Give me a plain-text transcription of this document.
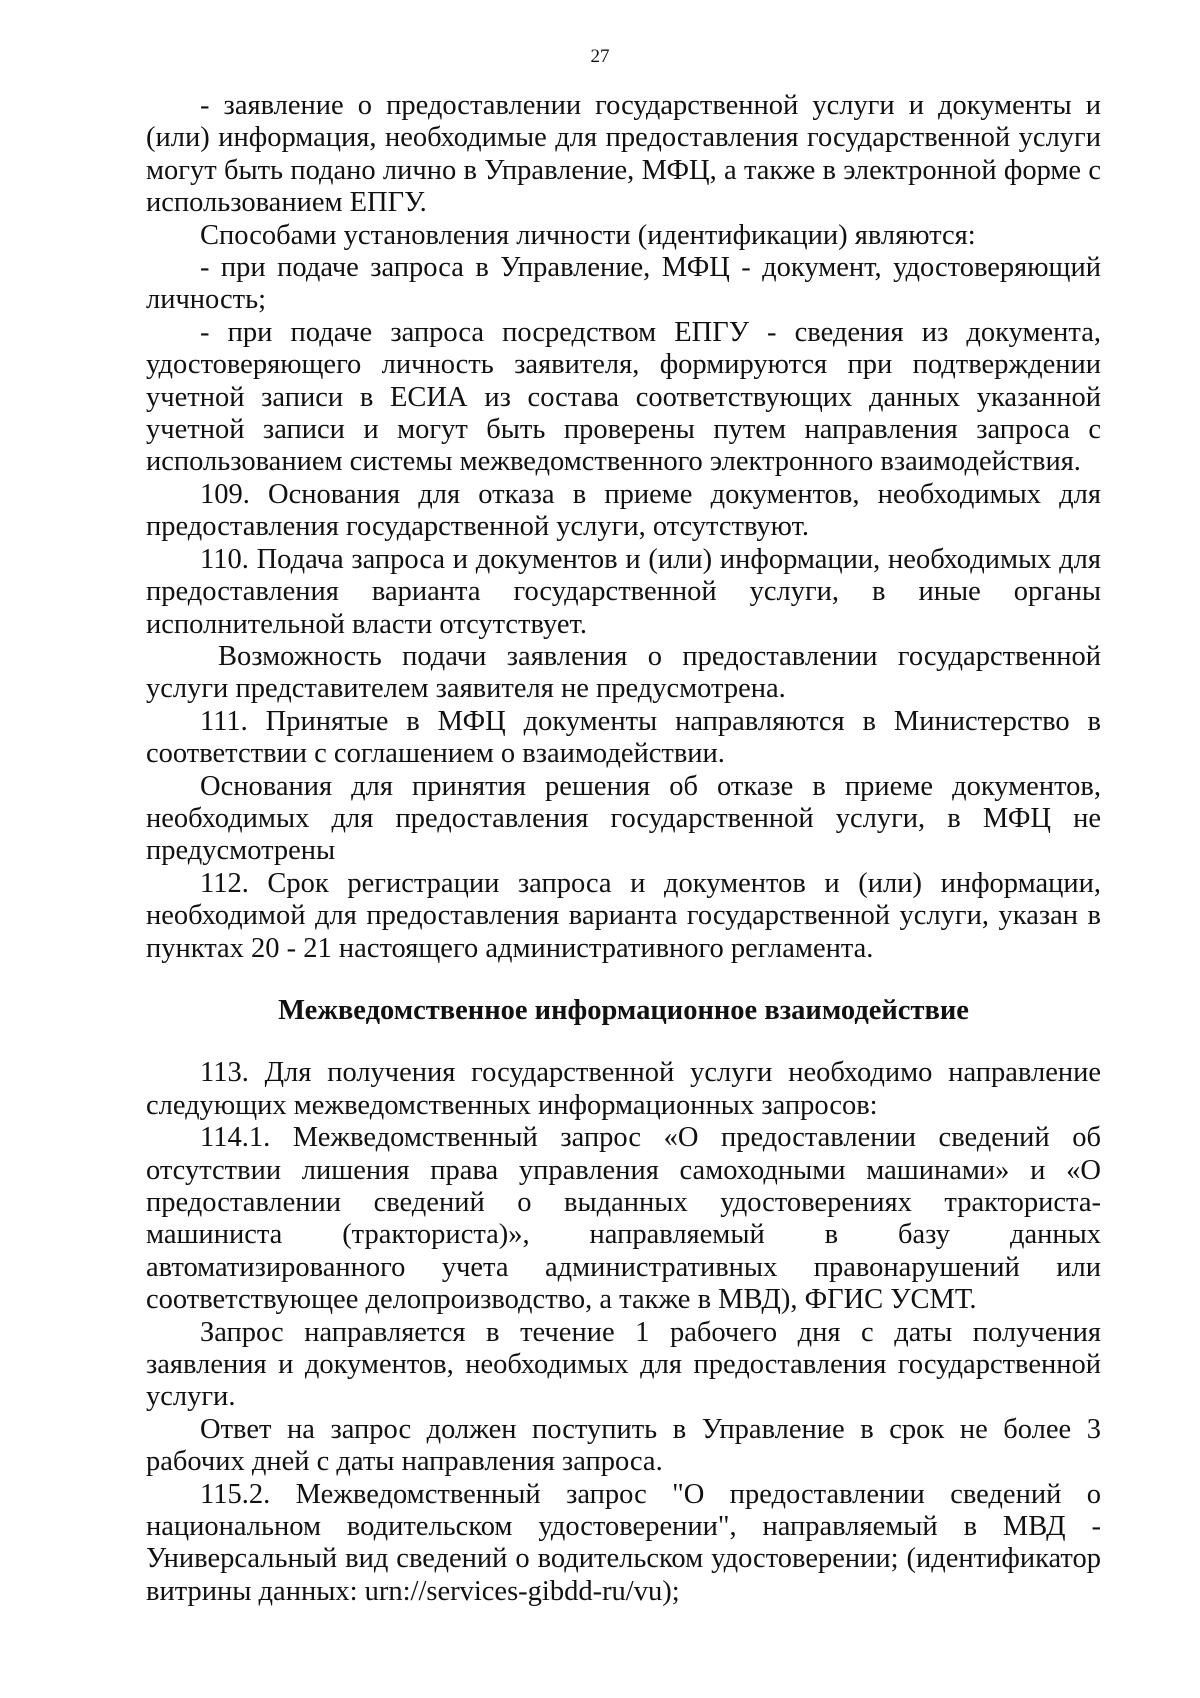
27

- заявление о предоставлении государственной услуги и документы и (или) информация, необходимые для предоставления государственной услуги могут быть подано лично в Управление, МФЦ, а также в электронной форме с использованием ЕПГУ.

Способами установления личности (идентификации) являются:

- при подаче запроса в Управление, МФЦ - документ, удостоверяющий личность;

- при подаче запроса посредством ЕПГУ - сведения из документа, удостоверяющего личность заявителя, формируются при подтверждении учетной записи в ЕСИА из состава соответствующих данных указанной учетной записи и могут быть проверены путем направления запроса с использованием системы межведомственного электронного взаимодействия.

109. Основания для отказа в приеме документов, необходимых для предоставления государственной услуги, отсутствуют.

110. Подача запроса и документов и (или) информации, необходимых для предоставления варианта государственной услуги, в иные органы исполнительной власти отсутствует.

Возможность подачи заявления о предоставлении государственной услуги представителем заявителя не предусмотрена.

111. Принятые в МФЦ документы направляются в Министерство в соответствии с соглашением о взаимодействии.

Основания для принятия решения об отказе в приеме документов, необходимых для предоставления государственной услуги, в МФЦ не предусмотрены

112. Срок регистрации запроса и документов и (или) информации, необходимой для предоставления варианта государственной услуги, указан в пунктах 20 - 21 настоящего административного регламента.

Межведомственное информационное взаимодействие

113. Для получения государственной услуги необходимо направление следующих межведомственных информационных запросов:

114.1. Межведомственный запрос «О предоставлении сведений об отсутствии лишения права управления самоходными машинами» и «О предоставлении сведений о выданных удостоверениях тракториста-машиниста (тракториста)», направляемый в базу данных автоматизированного учета административных правонарушений или соответствующее делопроизводство, а также в МВД), ФГИС УСМТ.

Запрос направляется в течение 1 рабочего дня с даты получения заявления и документов, необходимых для предоставления государственной услуги.

Ответ на запрос должен поступить в Управление в срок не более 3 рабочих дней с даты направления запроса.

115.2. Межведомственный запрос "О предоставлении сведений о национальном водительском удостоверении", направляемый в МВД - Универсальный вид сведений о водительском удостоверении; (идентификатор витрины данных: urn://services-gibdd-ru/vu);
